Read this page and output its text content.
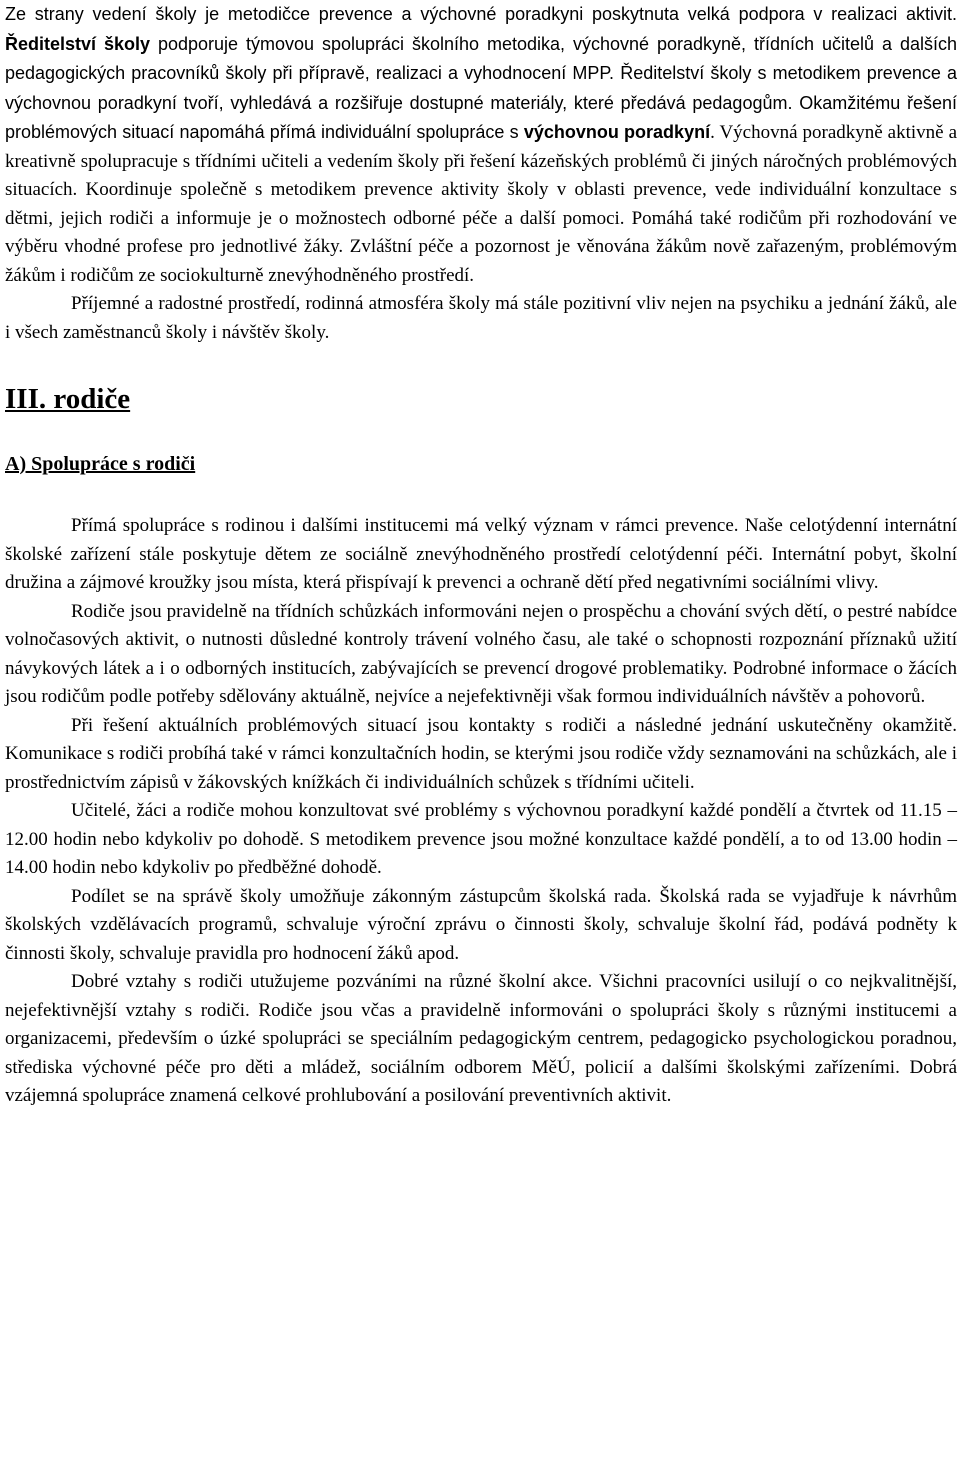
Ze strany vedení školy je metodičce prevence a výchovné poradkyni poskytnuta velká podpora v realizaci aktivit. Ředitelství školy podporuje týmovou spolupráci školního metodika, výchovné poradkyně, třídních učitelů a dalších pedagogických pracovníků školy při přípravě, realizaci a vyhodnocení MPP. Ředitelství školy s metodikem prevence a výchovnou poradkyní tvoří, vyhledává a rozšiřuje dostupné materiály, které předává pedagogům. Okamžitému řešení problémových situací napomáhá přímá individuální spolupráce s výchovnou poradkyní. Výchovná poradkyně aktivně a kreativně spolupracuje s třídními učiteli a vedením školy při řešení kázeňských problémů či jiných náročných problémových situacích. Koordinuje společně s metodikem prevence aktivity školy v oblasti prevence, vede individuální konzultace s dětmi, jejich rodiči a informuje je o možnostech odborné péče a další pomoci. Pomáhá také rodičům při rozhodování ve výběru vhodné profese pro jednotlivé žáky. Zvláštní péče a pozornost je věnována žákům nově zařazeným, problémovým žákům i rodičům ze sociokulturně znevýhodněného prostředí.

Příjemné a radostné prostředí, rodinná atmosféra školy má stále pozitivní vliv nejen na psychiku a jednání žáků, ale i všech zaměstnanců školy i návštěv školy.

III. rodiče
A) Spolupráce s rodiči

Přímá spolupráce s rodinou i dalšími institucemi má velký význam v rámci prevence. Naše celotýdenní internátní školské zařízení stále poskytuje dětem ze sociálně znevýhodněného prostředí celotýdenní péči. Internátní pobyt, školní družina a zájmové kroužky jsou místa, která přispívají k prevenci a ochraně dětí před negativními sociálními vlivy.

Rodiče jsou pravidelně na třídních schůzkách informováni nejen o prospěchu a chování svých dětí, o pestré nabídce volnočasových aktivit, o nutnosti důsledné kontroly trávení volného času, ale také o schopnosti rozpoznání příznaků užití návykových látek a i o odborných institucích, zabývajících se prevencí drogové problematiky. Podrobné informace o žácích jsou rodičům podle potřeby sdělovány aktuálně, nejvíce a nejefektivněji však formou individuálních návštěv a pohovorů.

Při řešení aktuálních problémových situací jsou kontakty s rodiči a následné jednání uskutečněny okamžitě. Komunikace s rodiči probíhá také v rámci konzultačních hodin, se kterými jsou rodiče vždy seznamováni na schůzkách, ale i prostřednictvím zápisů v žákovských knížkách či individuálních schůzek s třídními učiteli.

Učitelé, žáci a rodiče mohou konzultovat své problémy s výchovnou poradkyní každé pondělí a čtvrtek od 11.15 – 12.00 hodin nebo kdykoliv po dohodě. S metodikem prevence jsou možné konzultace každé pondělí, a to od 13.00 hodin – 14.00 hodin nebo kdykoliv po předběžné dohodě.

Podílet se na správě školy umožňuje zákonným zástupcům školská rada. Školská rada se vyjadřuje k návrhům školských vzdělávacích programů, schvaluje výroční zprávu o činnosti školy, schvaluje školní řád, podává podněty k činnosti školy, schvaluje pravidla pro hodnocení žáků apod.

Dobré vztahy s rodiči utužujeme pozváními na různé školní akce. Všichni pracovníci usilují o co nejkvalitnější, nejefektivnější vztahy s rodiči. Rodiče jsou včas a pravidelně informováni o spolupráci školy s různými institucemi a organizacemi, především o úzké spolupráci se speciálním pedagogickým centrem, pedagogicko psychologickou poradnou, střediska výchovné péče pro děti a mládež, sociálním odborem MěÚ, policií a dalšími školskými zařízeními. Dobrá vzájemná spolupráce znamená celkové prohlubování a posilování preventivních aktivit.
